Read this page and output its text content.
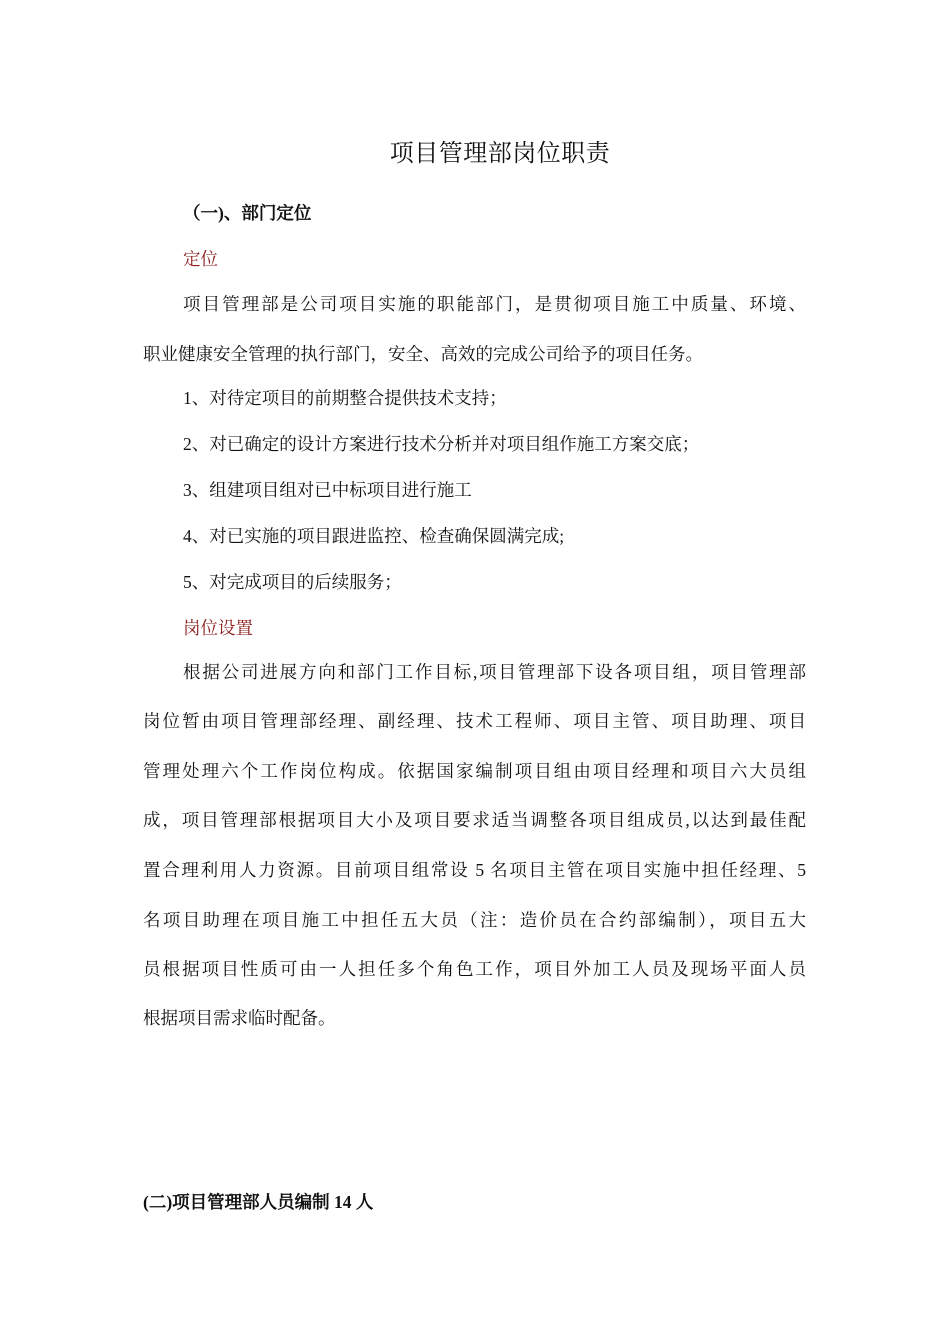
项目管理部岗位职责
（一)、部门定位
定位
项目管理部是公司项目实施的职能部门，是贯彻项目施工中质量、环境、
职业健康安全管理的执行部门，安全、高效的完成公司给予的项目任务。
1、对待定项目的前期整合提供技术支持；
2、对已确定的设计方案进行技术分析并对项目组作施工方案交底；
3、组建项目组对已中标项目进行施工
4、对已实施的项目跟进监控、检查确保圆满完成;
5、对完成项目的后续服务；
岗位设置
根据公司进展方向和部门工作目标,项目管理部下设各项目组，项目管理部
岗位暂由项目管理部经理、副经理、技术工程师、项目主管、项目助理、项目
管理处理六个工作岗位构成。依据国家编制项目组由项目经理和项目六大员组
成，项目管理部根据项目大小及项目要求适当调整各项目组成员,以达到最佳配
置合理利用人力资源。目前项目组常设 5 名项目主管在项目实施中担任经理、5
名项目助理在项目施工中担任五大员（注：造价员在合约部编制），项目五大
员根据项目性质可由一人担任多个角色工作，项目外加工人员及现场平面人员
根据项目需求临时配备。
(二)项目管理部人员编制 14 人
